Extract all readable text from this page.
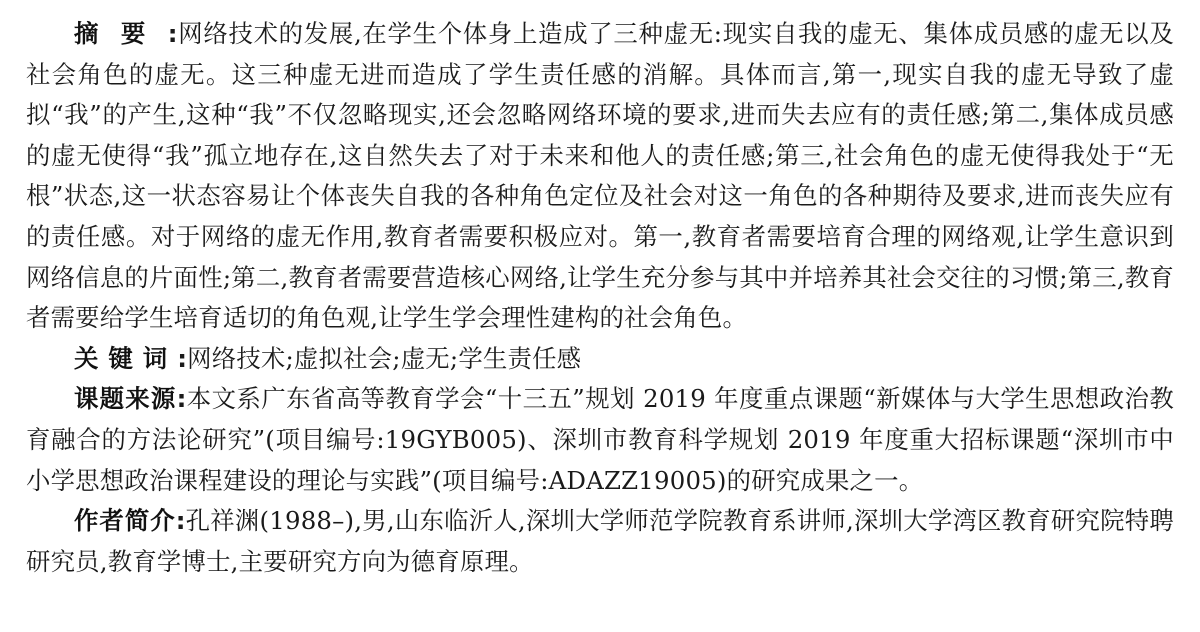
摘要:网络技术的发展,在学生个体身上造成了三种虚无:现实自我的虚无、集体成员感的虚无以及社会角色的虚无。这三种虚无进而造成了学生责任感的消解。具体而言,第一,现实自我的虚无导致了虚拟“我”的产生,这种“我”不仅忽略现实,还会忽略网络环境的要求,进而失去应有的责任感;第二,集体成员感的虚无使得“我”孤立地存在,这自然失去了对于未来和他人的责任感;第三,社会角色的虚无使得我处于“无根”状态,这一状态容易让个体丧失自我的各种角色定位及社会对这一角色的各种期待及要求,进而丧失应有的责任感。对于网络的虚无作用,教育者需要积极应对。第一,教育者需要培育合理的网络观,让学生意识到网络信息的片面性;第二,教育者需要营造核心网络,让学生充分参与其中并培养其社会交往的习惯;第三,教育者需要给学生培育适切的角色观,让学生学会理性建构的社会角色。

关键词:网络技术;虚拟社会;虚无;学生责任感

课题来源:本文系广东省高等教育学会“十三五”规划 2019 年度重点课题“新媒体与大学生思想政治教育融合的方法论研究”(项目编号:19GYB005)、深圳市教育科学规划 2019 年度重大招标课题“深圳市中小学思想政治课程建设的理论与实践”(项目编号:ADAZZ19005)的研究成果之一。

作者简介:孔祥渊(1988–),男,山东临沂人,深圳大学师范学院教育系讲师,深圳大学湾区教育研究院特聘研究员,教育学博士,主要研究方向为德育原理。
